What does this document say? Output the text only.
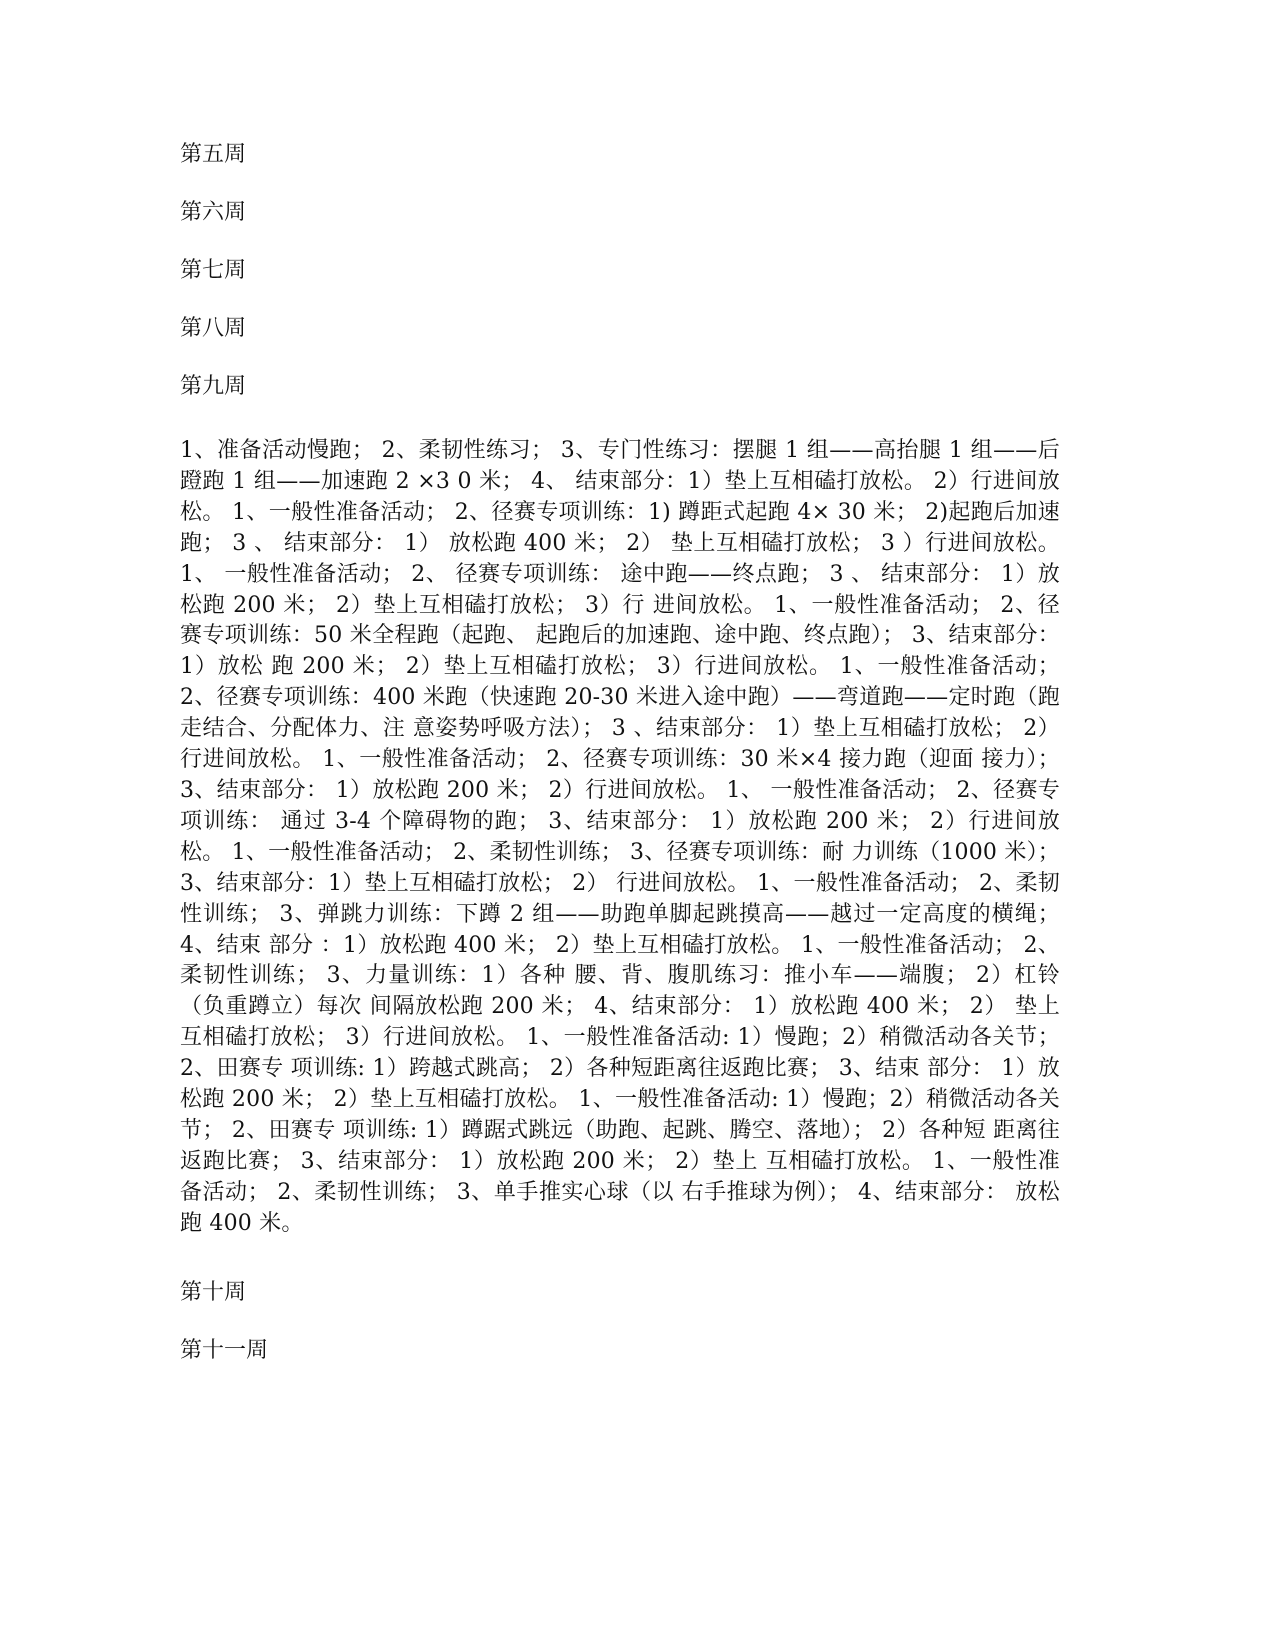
第五周
第六周
第七周
第八周
第九周

1、准备活动慢跑； 2、柔韧性练习； 3、专门性练习：摆腿 1 组——高抬腿 1 组——后蹬跑 1 组——加速跑 2 ×3 0 米； 4、 结束部分：1）垫上互相磕打放松。 2）行进间放松。 1、一般性准备活动； 2、径赛专项训练：1) 蹲距式起跑 4× 30 米； 2)起跑后加速跑； 3 、 结束部分： 1） 放松跑 400 米； 2） 垫上互相磕打放松； 3 ）行进间放松。 1、 一般性准备活动； 2、 径赛专项训练： 途中跑——终点跑； 3 、 结束部分： 1）放松跑 200 米； 2）垫上互相磕打放松； 3）行 进间放松。 1、一般性准备活动； 2、径赛专项训练：50 米全程跑（起跑、 起跑后的加速跑、途中跑、终点跑）； 3、结束部分： 1）放松 跑 200 米； 2）垫上互相磕打放松； 3）行进间放松。 1、一般性准备活动； 2、径赛专项训练：400 米跑（快速跑 20-30 米进入途中跑）——弯道跑——定时跑（跑走结合、分配体力、注 意姿势呼吸方法）； 3 、结束部分： 1）垫上互相磕打放松； 2） 行进间放松。 1、一般性准备活动； 2、径赛专项训练：30 米×4 接力跑（迎面 接力）； 3、结束部分： 1）放松跑 200 米； 2）行进间放松。 1、 一般性准备活动； 2、径赛专项训练： 通过 3-4 个障碍物的跑； 3、结束部分： 1）放松跑 200 米； 2）行进间放松。 1、一般性准备活动； 2、柔韧性训练； 3、径赛专项训练：耐 力训练（1000 米）；3、结束部分：1）垫上互相磕打放松； 2） 行进间放松。 1、一般性准备活动； 2、柔韧性训练； 3、弹跳力训练：下蹲 2 组——助跑单脚起跳摸高——越过一定高度的横绳； 4、结束 部分 ：1）放松跑 400 米； 2）垫上互相磕打放松。 1、一般性准备活动； 2、柔韧性训练； 3、力量训练：1）各种 腰、背、腹肌练习：推小车——端腹； 2）杠铃（负重蹲立）每次 间隔放松跑 200 米； 4、结束部分： 1）放松跑 400 米； 2） 垫上互相磕打放松； 3）行进间放松。 1、一般性准备活动: 1）慢跑；2）稍微活动各关节； 2、田赛专 项训练: 1）跨越式跳高； 2）各种短距离往返跑比赛； 3、结束 部分： 1）放松跑 200 米； 2）垫上互相磕打放松。 1、一般性准备活动: 1）慢跑；2）稍微活动各关节； 2、田赛专 项训练: 1）蹲踞式跳远（助跑、起跳、腾空、落地）； 2）各种短 距离往返跑比赛； 3、结束部分： 1）放松跑 200 米； 2）垫上 互相磕打放松。 1、一般性准备活动； 2、柔韧性训练； 3、单手推实心球（以 右手推球为例）； 4、结束部分： 放松跑 400 米。

第十周
第十一周
